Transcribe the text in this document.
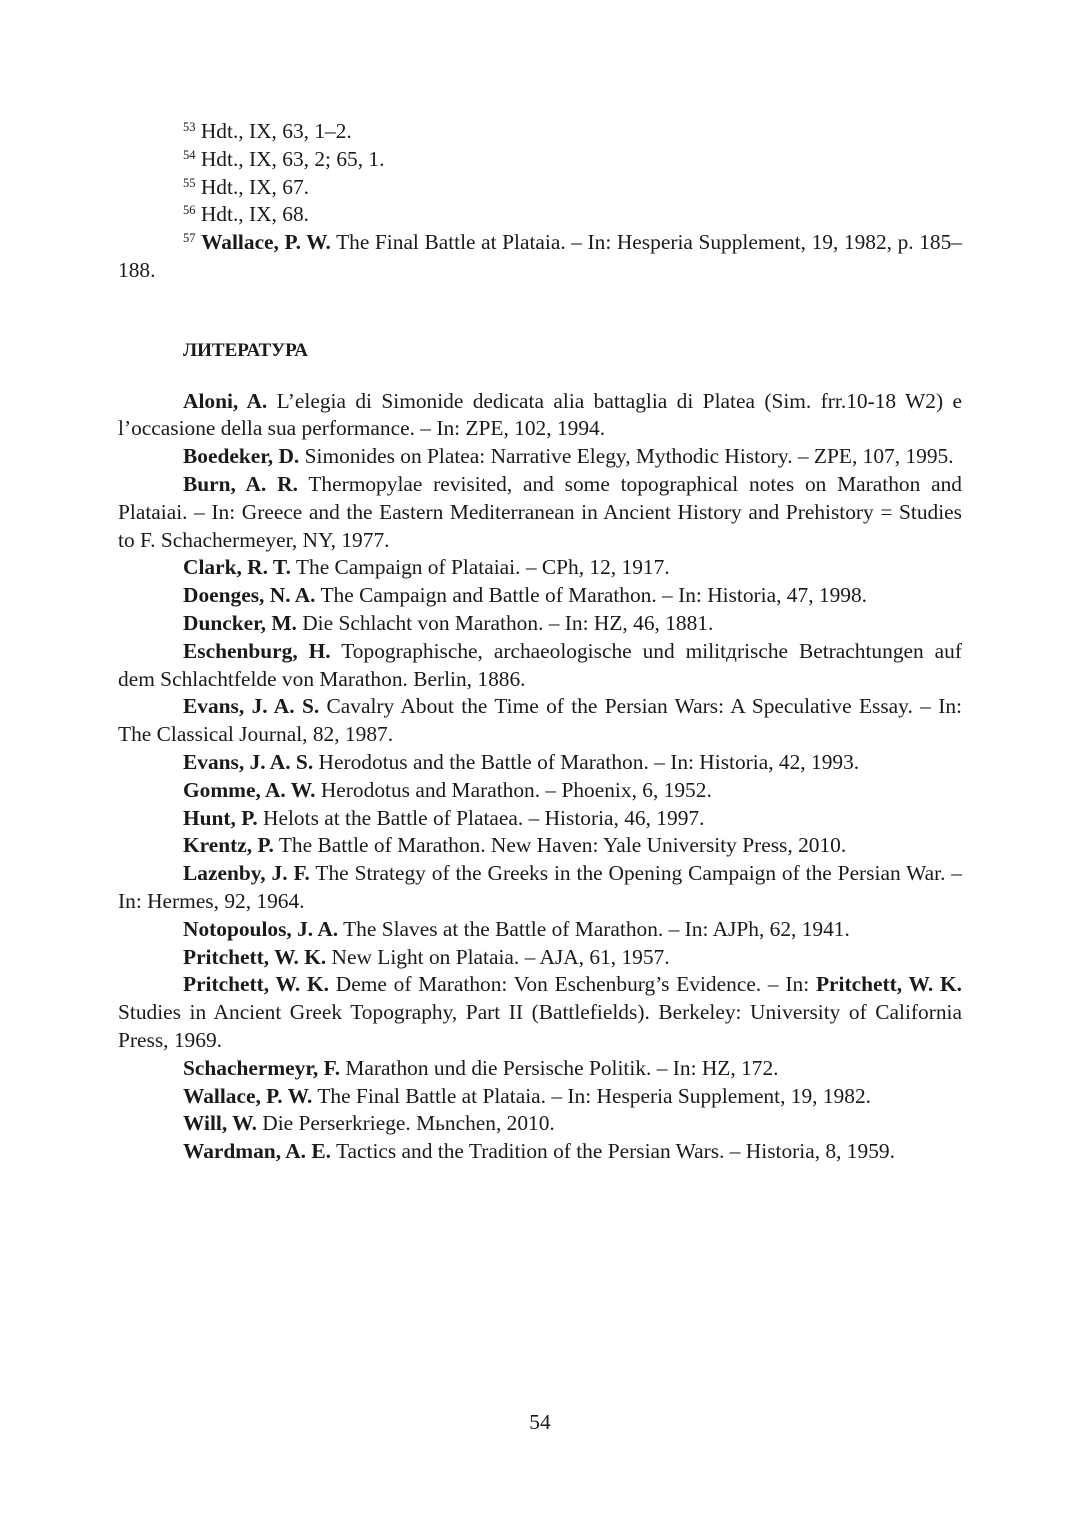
$^{53}$ Hdt., IX, 63, 1–2.

$^{54}$ Hdt., IX, 63, 2; 65, 1.

$^{55}$ Hdt., IX, 67.

$^{56}$ Hdt., IX, 68.

$^{57}$ Wallace, P. W. The Final Battle at Plataia. – In: Hesperia Supplement, 19, 1982, p. 185–188.

ЛИТЕРАТУРА

Aloni, A. L’elegia di Simonide dedicata alia battaglia di Platea (Sim. frr.10-18 W2) e l’occasione della sua performance. – In: ZPE, 102, 1994.

Boedeker, D. Simonides on Platea: Narrative Elegy, Mythodic History. – ZPE, 107, 1995.

Burn, A. R. Thermopylae revisited, and some topographical notes on Marathon and Plataiai. – In: Greece and the Eastern Mediterranean in Ancient History and Prehistory = Studies to F. Schachermeyer, NY, 1977.

Clark, R. T. The Campaign of Plataiai. – CPh, 12, 1917.

Doenges, N. A. The Campaign and Battle of Marathon. – In: Historia, 47, 1998.

Duncker, M. Die Schlacht von Marathon. – In: HZ, 46, 1881.

Eschenburg, H. Topographische, archaeologische und militдrische Betrachtungen auf dem Schlachtfelde von Marathon. Berlin, 1886.

Evans, J. A. S. Cavalry About the Time of the Persian Wars: A Speculative Essay. – In: The Classical Journal, 82, 1987.

Evans, J. A. S. Herodotus and the Battle of Marathon. – In: Historia, 42, 1993.

Gomme, A. W. Herodotus and Marathon. – Phoenix, 6, 1952.

Hunt, P. Helots at the Battle of Plataea. – Historia, 46, 1997.

Krentz, P. The Battle of Marathon. New Haven: Yale University Press, 2010.

Lazenby, J. F. The Strategy of the Greeks in the Opening Campaign of the Persian War. – In: Hermes, 92, 1964.

Notopoulos, J. A. The Slaves at the Battle of Marathon. – In: AJPh, 62, 1941.

Pritchett, W. K. New Light on Plataia. – AJA, 61, 1957.

Pritchett, W. K. Deme of Marathon: Von Eschenburg’s Evidence. – In: Pritchett, W. K. Studies in Ancient Greek Topography, Part II (Battlefields). Berkeley: University of California Press, 1969.

Schachermeyr, F. Marathon und die Persische Politik. – In: HZ, 172.

Wallace, P. W. The Final Battle at Plataia. – In: Hesperia Supplement, 19, 1982.

Will, W. Die Perserkriege. Mьnchen, 2010.

Wardman, A. E. Tactics and the Tradition of the Persian Wars. – Historia, 8, 1959.

54
